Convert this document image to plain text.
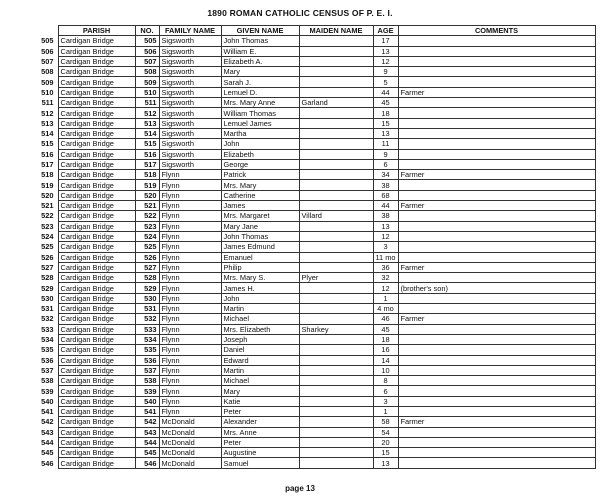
1890 ROMAN CATHOLIC CENSUS OF P. E. I.
	PARISH	NO.	FAMILY NAME	GIVEN NAME	MAIDEN NAME	AGE	COMMENTS
505	Cardigan Bridge	505	Sigsworth	John Thomas		17	
506	Cardigan Bridge	506	Sigsworth	William E.		13	
507	Cardigan Bridge	507	Sigsworth	Elizabeth A.		12	
508	Cardigan Bridge	508	Sigsworth	Mary		9	
509	Cardigan Bridge	509	Sigsworth	Sarah J.		5	
510	Cardigan Bridge	510	Sigsworth	Lemuel D.		44	Farmer
511	Cardigan Bridge	511	Sigsworth	Mrs. Mary Anne	Garland	45	
512	Cardigan Bridge	512	Sigsworth	William Thomas		18	
513	Cardigan Bridge	513	Sigsworth	Lemuel James		15	
514	Cardigan Bridge	514	Sigsworth	Martha		13	
515	Cardigan Bridge	515	Sigsworth	John		11	
516	Cardigan Bridge	516	Sigsworth	Elizabeth		9	
517	Cardigan Bridge	517	Sigsworth	George		6	
518	Cardigan Bridge	518	Flynn	Patrick		34	Farmer
519	Cardigan Bridge	519	Flynn	Mrs. Mary		38	
520	Cardigan Bridge	520	Flynn	Catherine		68	
521	Cardigan Bridge	521	Flynn	James		44	Farmer
522	Cardigan Bridge	522	Flynn	Mrs. Margaret	Villard	38	
523	Cardigan Bridge	523	Flynn	Mary Jane		13	
524	Cardigan Bridge	524	Flynn	John Thomas		12	
525	Cardigan Bridge	525	Flynn	James Edmund		3	
526	Cardigan Bridge	526	Flynn	Emanuel		11 mo	
527	Cardigan Bridge	527	Flynn	Philip		36	Farmer
528	Cardigan Bridge	528	Flynn	Mrs. Mary S.	Plyer	32	
529	Cardigan Bridge	529	Flynn	James H.		12	(brother's son)
530	Cardigan Bridge	530	Flynn	John		1	
531	Cardigan Bridge	531	Flynn	Martin		4 mo	
532	Cardigan Bridge	532	Flynn	Michael		46	Farmer
533	Cardigan Bridge	533	Flynn	Mrs. Elizabeth	Sharkey	45	
534	Cardigan Bridge	534	Flynn	Joseph		18	
535	Cardigan Bridge	535	Flynn	Daniel		16	
536	Cardigan Bridge	536	Flynn	Edward		14	
537	Cardigan Bridge	537	Flynn	Martin		10	
538	Cardigan Bridge	538	Flynn	Michael		8	
539	Cardigan Bridge	539	Flynn	Mary		6	
540	Cardigan Bridge	540	Flynn	Katie		3	
541	Cardigan Bridge	541	Flynn	Peter		1	
542	Cardigan Bridge	542	McDonald	Alexander		58	Farmer
543	Cardigan Bridge	543	McDonald	Mrs. Anne		54	
544	Cardigan Bridge	544	McDonald	Peter		20	
545	Cardigan Bridge	545	McDonald	Augustine		15	
546	Cardigan Bridge	546	McDonald	Samuel		13	
page 13
